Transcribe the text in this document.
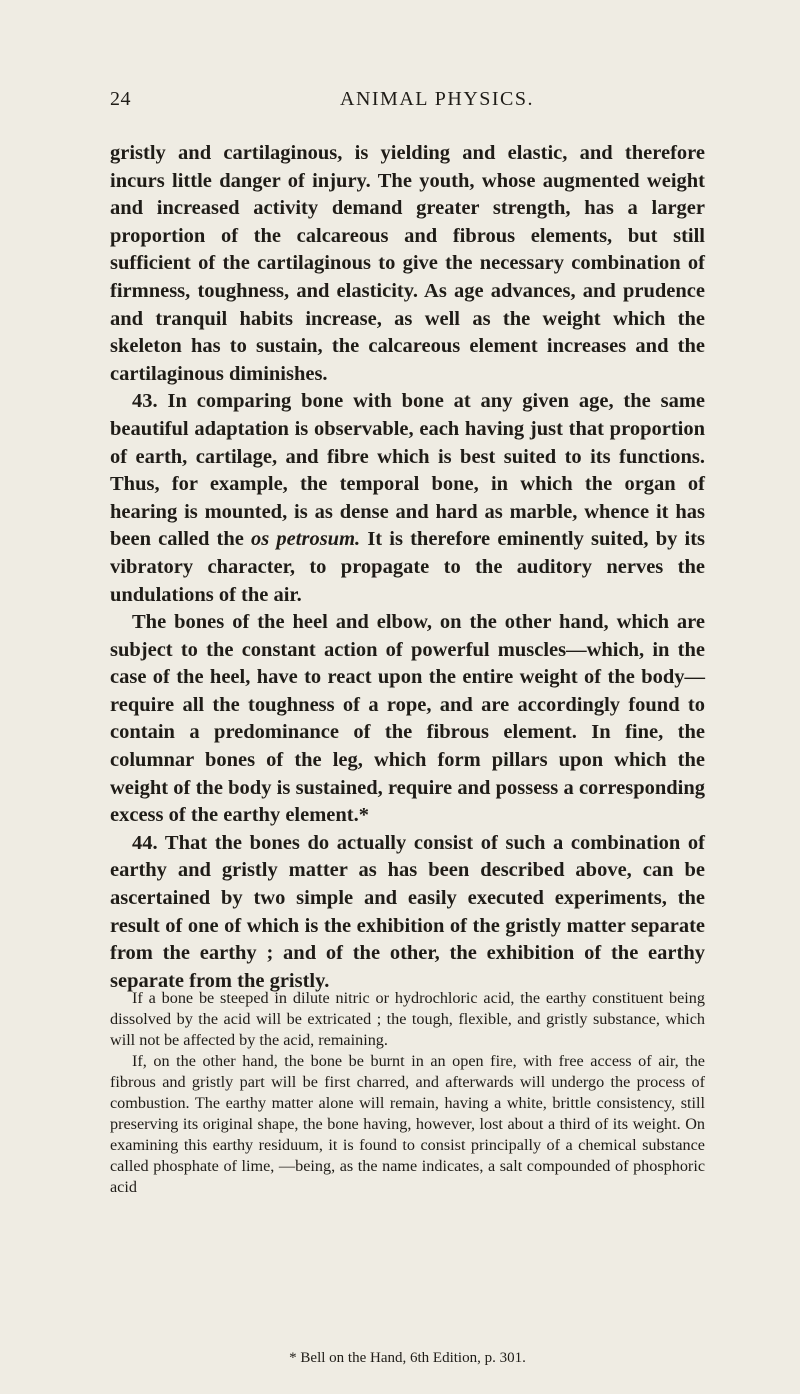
24	ANIMAL PHYSICS.

gristly and cartilaginous, is yielding and elastic, and therefore incurs little danger of injury. The youth, whose augmented weight and increased activity demand greater strength, has a larger proportion of the calcareous and fibrous elements, but still sufficient of the cartilaginous to give the necessary combination of firmness, toughness, and elasticity. As age advances, and prudence and tranquil habits increase, as well as the weight which the skeleton has to sustain, the calcareous element increases and the cartilaginous diminishes.

43. In comparing bone with bone at any given age, the same beautiful adaptation is observable, each having just that proportion of earth, cartilage, and fibre which is best suited to its functions. Thus, for example, the temporal bone, in which the organ of hearing is mounted, is as dense and hard as marble, whence it has been called the os petrosum. It is therefore eminently suited, by its vibratory character, to propagate to the auditory nerves the undulations of the air.

The bones of the heel and elbow, on the other hand, which are subject to the constant action of powerful muscles—which, in the case of the heel, have to react upon the entire weight of the body—require all the toughness of a rope, and are accordingly found to contain a predominance of the fibrous element. In fine, the columnar bones of the leg, which form pillars upon which the weight of the body is sustained, require and possess a corresponding excess of the earthy element.*

44. That the bones do actually consist of such a combination of earthy and gristly matter as has been described above, can be ascertained by two simple and easily executed experiments, the result of one of which is the exhibition of the gristly matter separate from the earthy ; and of the other, the exhibition of the earthy separate from the gristly.

If a bone be steeped in dilute nitric or hydrochloric acid, the earthy constituent being dissolved by the acid will be extricated ; the tough, flexible, and gristly substance, which will not be affected by the acid, remaining.

If, on the other hand, the bone be burnt in an open fire, with free access of air, the fibrous and gristly part will be first charred, and afterwards will undergo the process of combustion. The earthy matter alone will remain, having a white, brittle consistency, still preserving its original shape, the bone having, however, lost about a third of its weight. On examining this earthy residuum, it is found to consist principally of a chemical substance called phosphate of lime, —being, as the name indicates, a salt compounded of phosphoric acid

* Bell on the Hand, 6th Edition, p. 301.
